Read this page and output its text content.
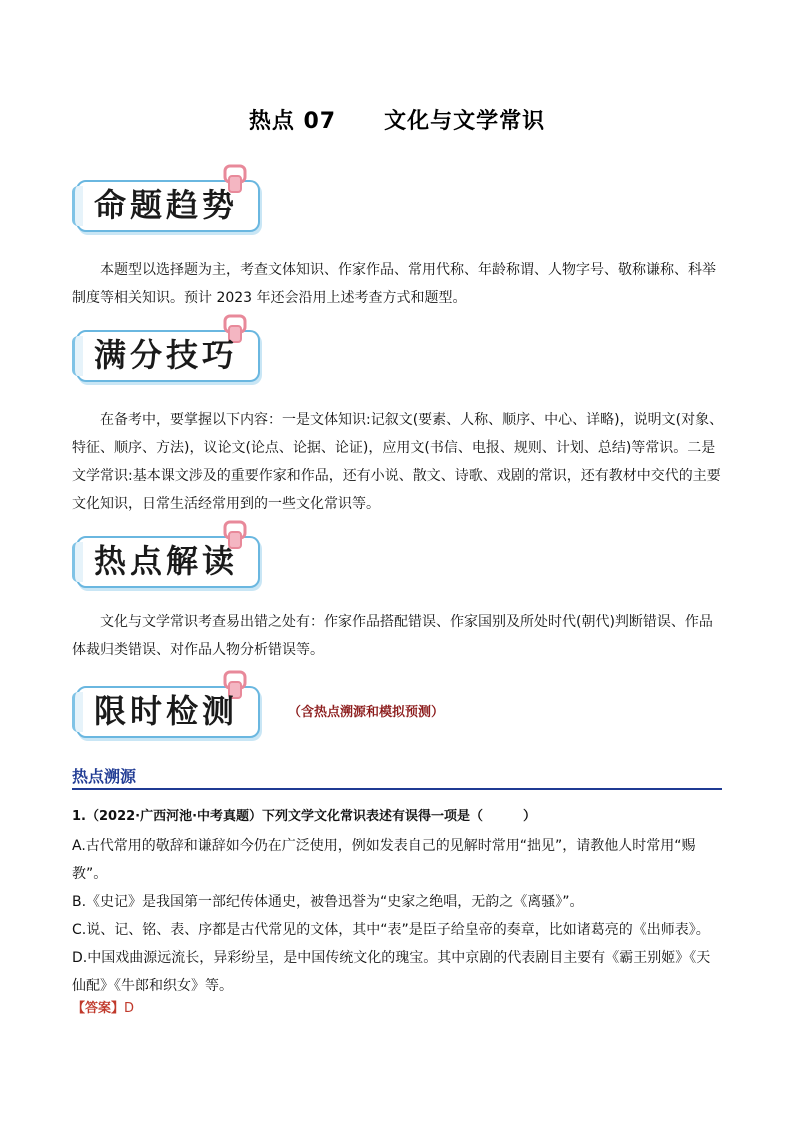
热点 07 文化与文学常识
命题趋势
本题型以选择题为主，考查文体知识、作家作品、常用代称、年龄称谓、人物字号、敬称谦称、科举制度等相关知识。预计 2023 年还会沿用上述考查方式和题型。
满分技巧
在备考中，要掌握以下内容：一是文体知识:记叙文(要素、人称、顺序、中心、详略)，说明文(对象、特征、顺序、方法)，议论文(论点、论据、论证)，应用文(书信、电报、规则、计划、总结)等常识。二是文学常识:基本课文涉及的重要作家和作品，还有小说、散文、诗歌、戏剧的常识，还有教材中交代的主要文化知识，日常生活经常用到的一些文化常识等。
热点解读
文化与文学常识考查易出错之处有：作家作品搭配错误、作家国别及所处时代(朝代)判断错误、作品体裁归类错误、对作品人物分析错误等。
限时检测	（含热点溯源和模拟预测）
热点溯源
1.（2022·广西河池·中考真题）下列文学文化常识表述有误得一项是（	）
A.古代常用的敬辞和谦辞如今仍在广泛使用，例如发表自己的见解时常用“拙见”，请教他人时常用“赐教”。
B.《史记》是我国第一部纪传体通史，被鲁迅誉为“史家之绝唱，无韵之《离骚》”。
C.说、记、铭、表、序都是古代常见的文体，其中“表”是臣子给皇帝的奏章，比如诸葛亮的《出师表》。
D.中国戏曲源远流长，异彩纷呈，是中国传统文化的瑰宝。其中京剧的代表剧目主要有《霸王别姬》《天仙配》《牛郎和织女》等。
【答案】D
